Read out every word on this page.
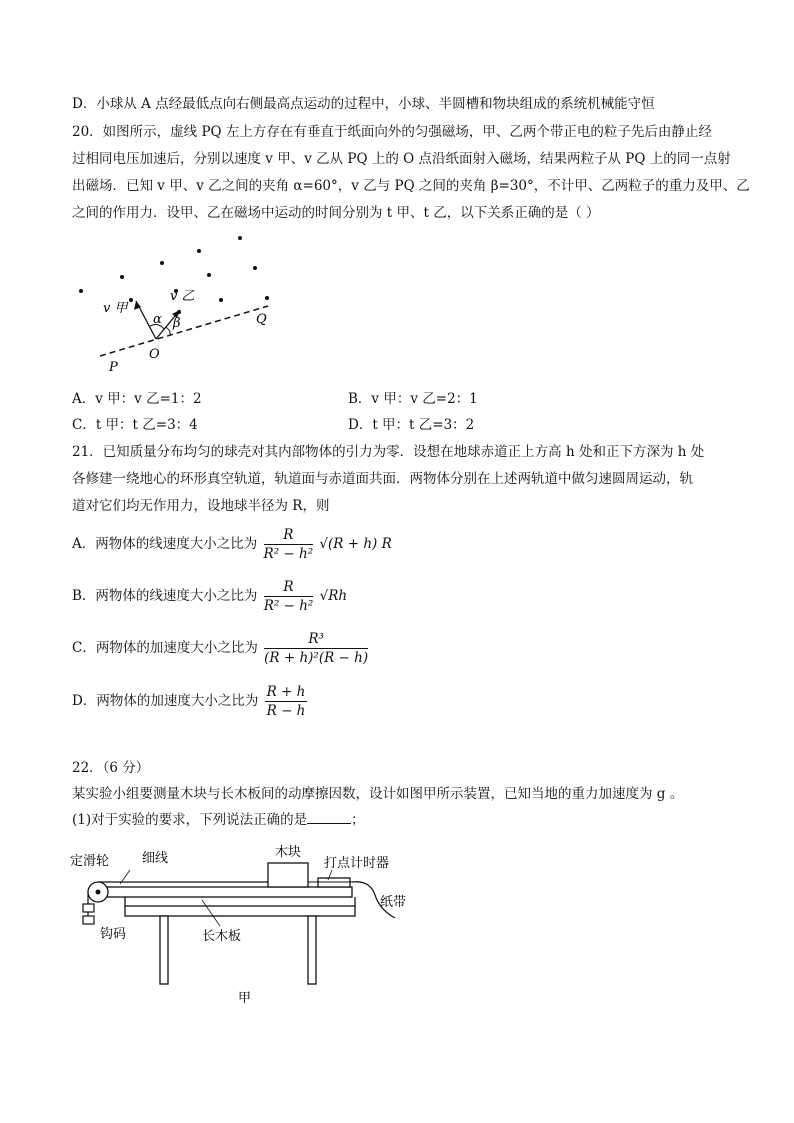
D．小球从 A 点经最低点向右侧最高点运动的过程中，小球、半圆槽和物块组成的系统机械能守恒
20．如图所示，虚线 PQ 左上方存在有垂直于纸面向外的匀强磁场，甲、乙两个带正电的粒子先后由静止经
过相同电压加速后，分别以速度 v 甲、v 乙从 PQ 上的 O 点沿纸面射入磁场，结果两粒子从 PQ 上的同一点射
出磁场．已知 v 甲、v 乙之间的夹角 α=60°，v 乙与 PQ 之间的夹角 β=30°，不计甲、乙两粒子的重力及甲、乙
之间的作用力．设甲、乙在磁场中运动的时间分别为 t 甲、t 乙，以下关系正确的是（ ）
v 甲
v 乙
α β
O
P
Q
A．v 甲：v 乙=1：2	B．v 甲：v 乙=2：1
C．t 甲：t 乙=3：4	D．t 甲：t 乙=3：2
21．已知质量分布均匀的球壳对其内部物体的引力为零．设想在地球赤道正上方高 h 处和正下方深为 h 处
各修建一绕地心的环形真空轨道，轨道面与赤道面共面．两物体分别在上述两轨道中做匀速圆周运动，轨
道对它们均无作用力，设地球半径为 R，则
A．两物体的线速度大小之比为 $\frac{R}{\text{R² − h²}} √(R + h)$ R
B．两物体的线速度大小之比为 $\frac{R}{\text{R² − h²}} √Rh$
C．两物体的加速度大小之比为 $\frac{\text{R³}}{\text{(R + h)²(R − h)}}$
D．两物体的加速度大小之比为 $\frac{R + h}{R - h}$
22．（6 分）
某实验小组要测量木块与长木板间的动摩擦因数，设计如图甲所示装置，已知当地的重力加速度为 g 。
(1)对于实验的要求，下列说法正确的是	；
定滑轮	细线	木块
打点计时器
纸带
钩码	长木板
甲
